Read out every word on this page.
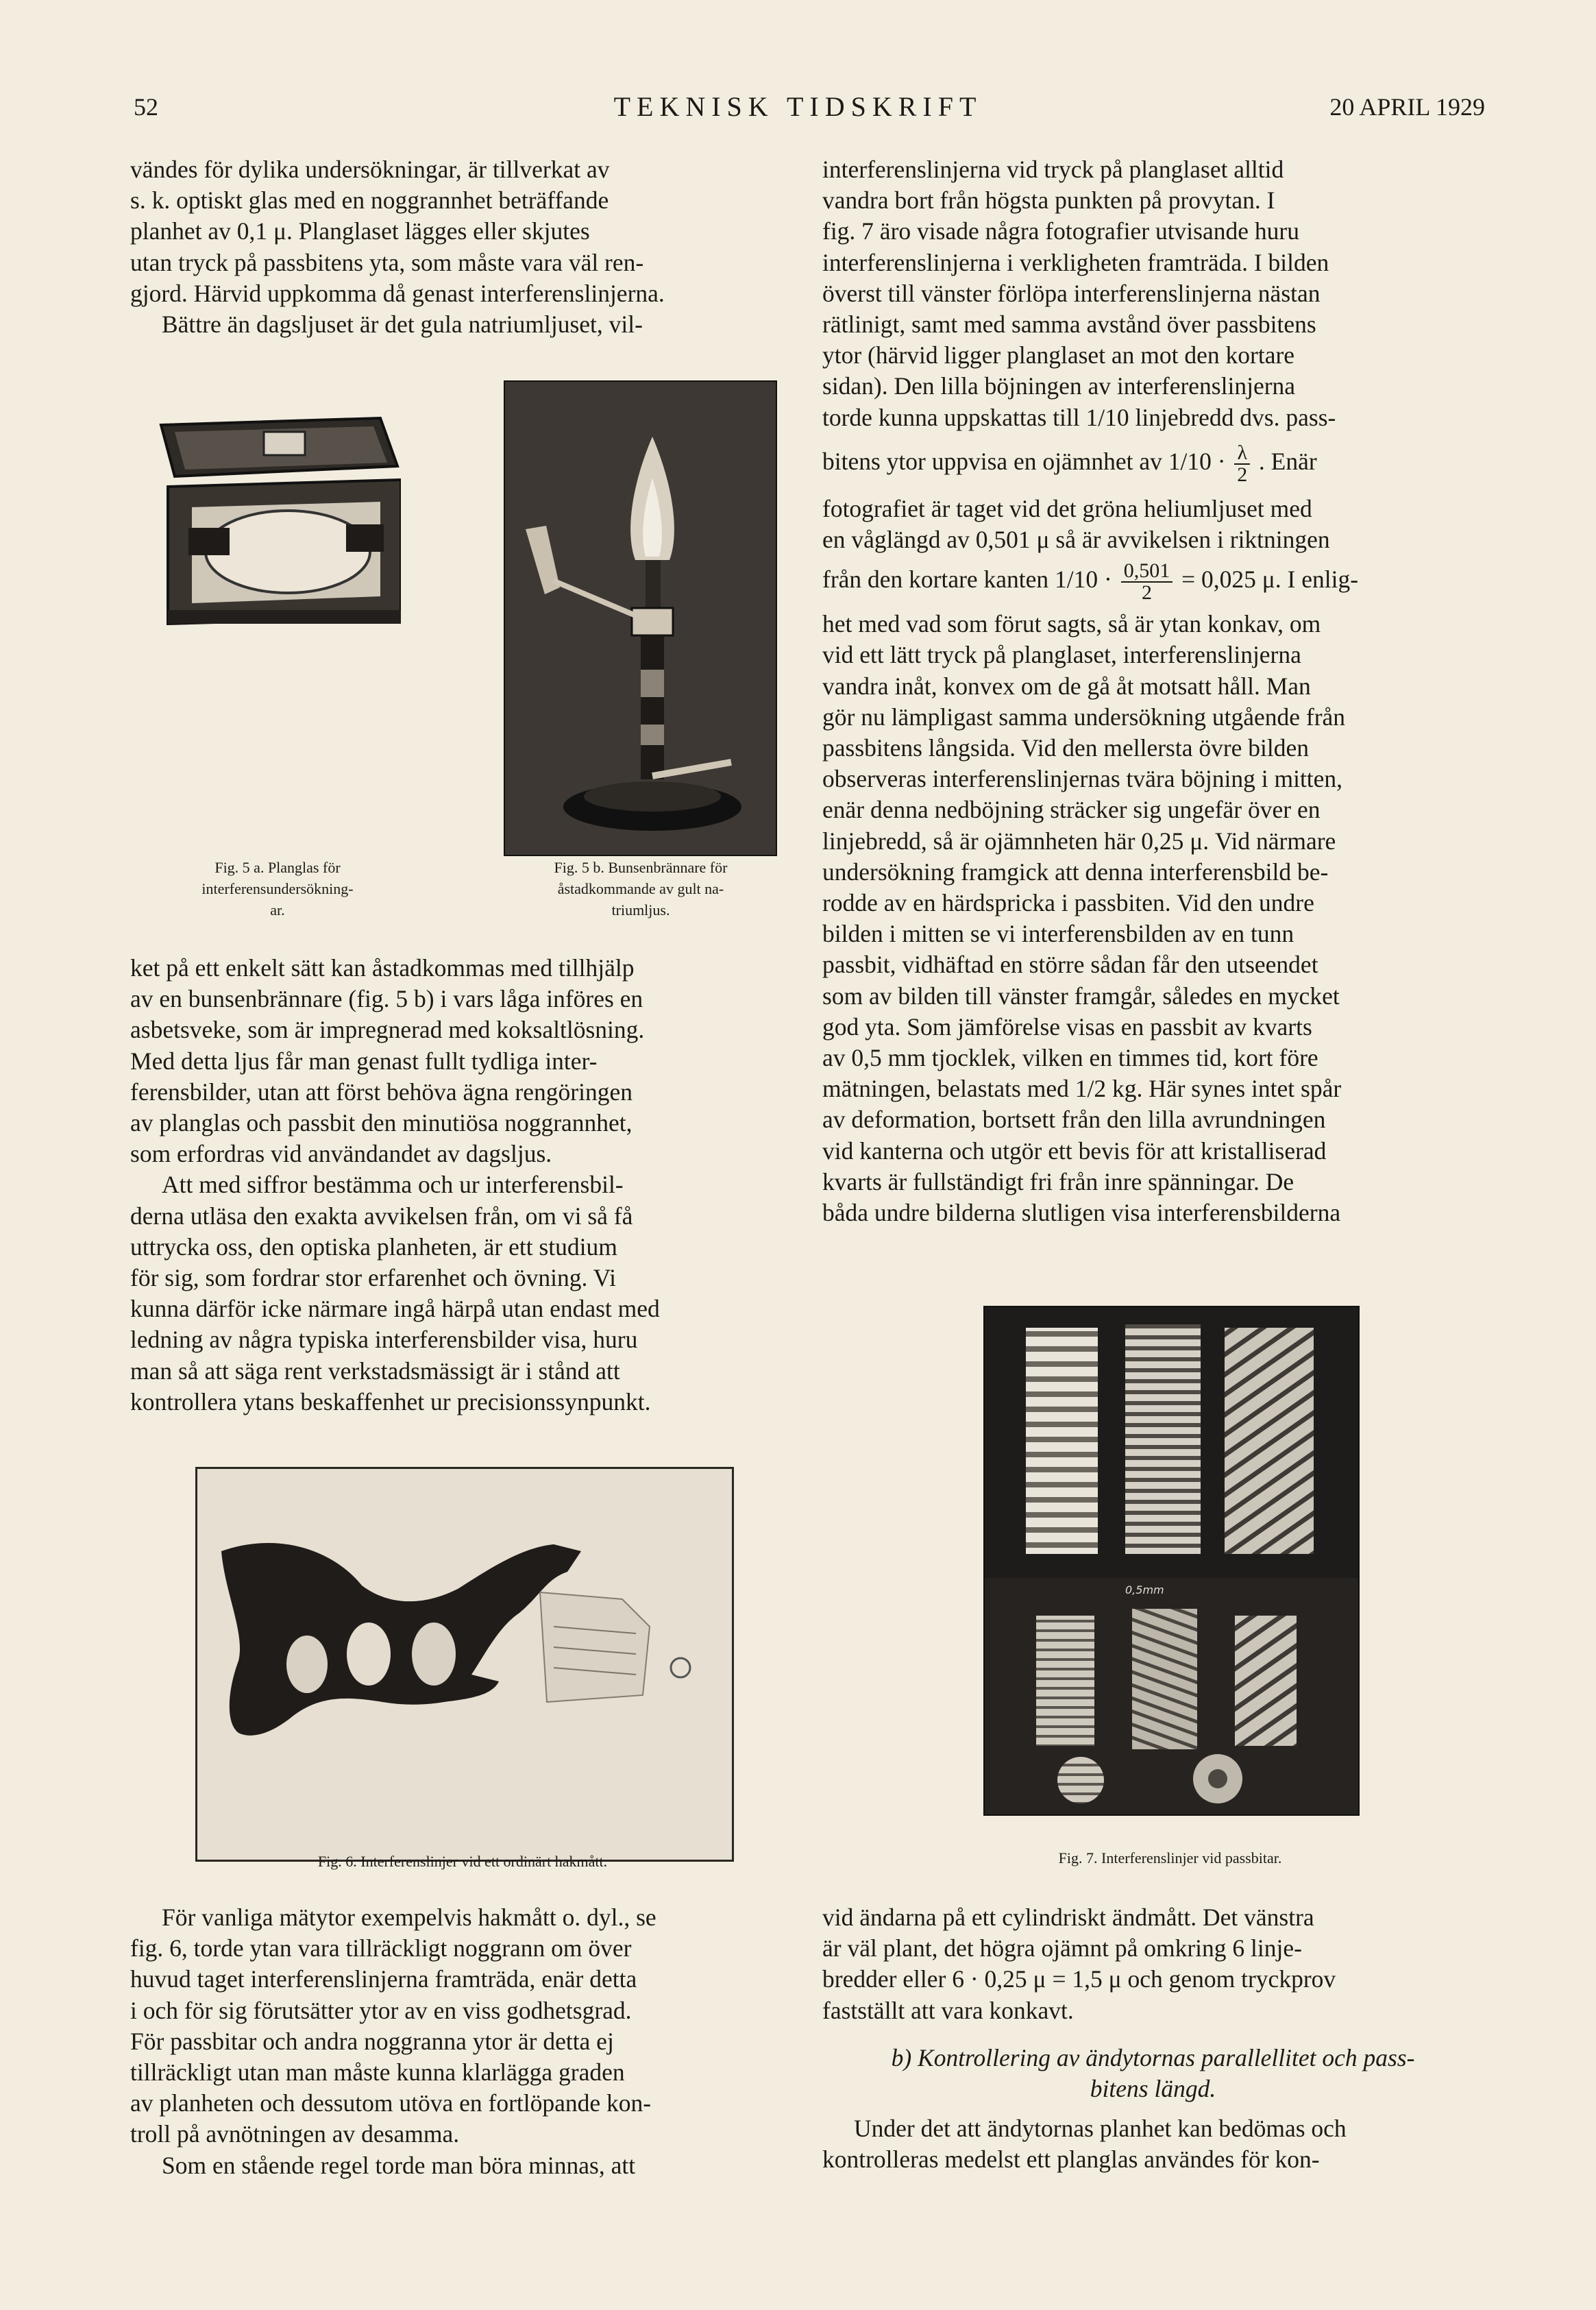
52	TEKNISK TIDSKRIFT	20 APRIL 1929

vändes för dylika undersökningar, är tillverkat av

s. k. optiskt glas med en noggrannhet beträffande

planhet av 0,1 μ. Planglaset lägges eller skjutes

utan tryck på passbitens yta, som måste vara väl ren-

gjord. Härvid uppkomma då genast interferenslinjerna.

Bättre än dagsljuset är det gula natriumljuset, vil-

Fig. 5 a. Planglas för
interferensundersökning-
ar.
Fig. 5 b. Bunsenbrännare för
åstadkommande av gult na-
triumljus.

ket på ett enkelt sätt kan åstadkommas med tillhjälp

av en bunsenbrännare (fig. 5 b) i vars låga införes en

asbetsveke, som är impregnerad med koksaltlösning.

Med detta ljus får man genast fullt tydliga inter-

ferensbilder, utan att först behöva ägna rengöringen

av planglas och passbit den minutiösa noggrannhet,

som erfordras vid användandet av dagsljus.

Att med siffror bestämma och ur interferensbil-

derna utläsa den exakta avvikelsen från, om vi så få

uttrycka oss, den optiska planheten, är ett studium

för sig, som fordrar stor erfarenhet och övning. Vi

kunna därför icke närmare ingå härpå utan endast med

ledning av några typiska interferensbilder visa, huru

man så att säga rent verkstadsmässigt är i stånd att

kontrollera ytans beskaffenhet ur precisionssynpunkt.

Fig. 6. Interferenslinjer vid ett ordinärt hakmått.

För vanliga mätytor exempelvis hakmått o. dyl., se

fig. 6, torde ytan vara tillräckligt noggrann om över

huvud taget interferenslinjerna framträda, enär detta

i och för sig förutsätter ytor av en viss godhetsgrad.

För passbitar och andra noggranna ytor är detta ej

tillräckligt utan man måste kunna klarlägga graden

av planheten och dessutom utöva en fortlöpande kon-

troll på avnötningen av desamma.

Som en stående regel torde man böra minnas, att

interferenslinjerna vid tryck på planglaset alltid

vandra bort från högsta punkten på provytan. I

fig. 7 äro visade några fotografier utvisande huru

interferenslinjerna i verkligheten framträda. I bilden

överst till vänster förlöpa interferenslinjerna nästan

rätlinigt, samt med samma avstånd över passbitens

ytor (härvid ligger planglaset an mot den kortare

sidan). Den lilla böjningen av interferenslinjerna

torde kunna uppskattas till 1/10 linjebredd dvs. pass-

bitens ytor uppvisa en ojämnhet av $1/10 \cdot \frac{\lambda}{2}$ . Enär

fotografiet är taget vid det gröna heliumljuset med

en våglängd av 0,501 μ så är avvikelsen i riktningen

från den kortare kanten $1/10 \cdot \frac{0,501}{2} = 0,025$ μ. I enlig-

het med vad som förut sagts, så är ytan konkav, om

vid ett lätt tryck på planglaset, interferenslinjerna

vandra inåt, konvex om de gå åt motsatt håll. Man

gör nu lämpligast samma undersökning utgående från

passbitens långsida. Vid den mellersta övre bilden

observeras interferenslinjernas tvära böjning i mitten,

enär denna nedböjning sträcker sig ungefär över en

linjebredd, så är ojämnheten här 0,25 μ. Vid närmare

undersökning framgick att denna interferensbild be-

rodde av en härdspricka i passbiten. Vid den undre

bilden i mitten se vi interferensbilden av en tunn

passbit, vidhäftad en större sådan får den utseendet

som av bilden till vänster framgår, således en mycket

god yta. Som jämförelse visas en passbit av kvarts

av 0,5 mm tjocklek, vilken en timmes tid, kort före

mätningen, belastats med 1/2 kg. Här synes intet spår

av deformation, bortsett från den lilla avrundningen

vid kanterna och utgör ett bevis för att kristalliserad

kvarts är fullständigt fri från inre spänningar. De

båda undre bilderna slutligen visa interferensbilderna

0,5mm
Fig. 7. Interferenslinjer vid passbitar.

vid ändarna på ett cylindriskt ändmått. Det vänstra

är väl plant, det högra ojämnt på omkring 6 linje-

bredder eller 6 · 0,25 μ = 1,5 μ och genom tryckprov

fastställt att vara konkavt.

b) Kontrollering av ändytornas parallellitet och pass-
bitens längd.

Under det att ändytornas planhet kan bedömas och

kontrolleras medelst ett planglas användes för kon-
